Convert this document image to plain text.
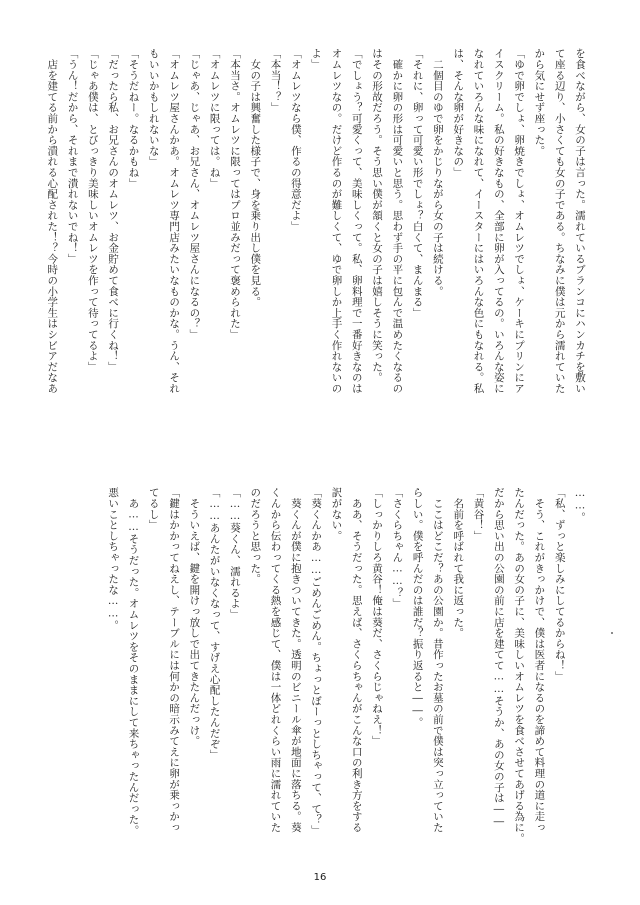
を食べながら、女の子は言った。濡れているブランコにハンカチを敷い

て座る辺り、小さくても女の子である。ちなみに僕は元から濡れていた

から気にせず座った。

「ゆで卵でしょ、卵焼きでしょ、オムレツでしょ、ケーキにプリンにア

イスクリーム。私の好きなもの、全部に卵が入ってるの。いろんな姿に

なれていろんな味になれて、イースターにはいろんな色にもなれる。私

は、そんな卵が好きなの」

　二個目のゆで卵をかじりながら女の子は続ける。

「それに、卵って可愛い形でしょ？白くて、まんまる」

　確かに卵の形は可愛いと思う。思わず手の平に包んで温めたくなるの

はその形故だろう。そう思い僕が頷くと女の子は嬉しそうに笑った。

「でしょう？可愛くって、美味しくって。私、卵料理で一番好きなのは

オムレツなの。だけど作るのが難しくて、ゆで卵しか上手く作れないの

よ」

「オムレツなら僕、作るの得意だよ」

「本当！？」

　女の子は興奮した様子で、身を乗り出し僕を見る。

「本当さ。オムレツに限ってはプロ並みだって褒められた」

「オムレツに限っては。ね」

「じゃあ、じゃあ、お兄さん、オムレツ屋さんになるの？」

「オムレツ屋さんかあ。オムレツ専門店みたいなものかな。うん、それ

もいいかもしれないな」

「そうだねー。なるかもね」

「だったら私、お兄さんのオムレツ、お金貯めて食べに行くね！」

「じゃあ僕は、とびっきり美味しいオムレツを作って待ってるよ」

「うん！だから、それまで潰れないでね！」

　店を建てる前から潰れる心配された！？今時の小学生はシビアだなあ

……。

「私、ずっと楽しみにしてるからね！」

　そう、これがきっかけで、僕は医者になるのを諦めて料理の道に走っ

たんだった。あの女の子に、美味しいオムレツを食べさせてあげる為に。

だから思い出の公園の前に店を建てて……そうか、あの女の子は――

「黄谷！」

　名前を呼ばれて我に返った。

　ここはどこだ？あの公園か。昔作ったお墓の前で僕は突っ立っていた

らしい。僕を呼んだのは誰だ？振り返ると――。

「さくらちゃん……？」

「しっかりしろ黄谷！俺は葵だ、さくらじゃねえ！」

　ああ、そうだった。思えば、さくらちゃんがこんな口の利き方をする

訳がない。

「葵くんかあ……ごめんごめん。ちょっとぼーっとしちゃって、て？」

　葵くんが僕に抱きついてきた。透明のビニール傘が地面に落ちる。葵

くんから伝わってくる熱を感じて、僕は一体どれくらい雨に濡れていた

のだろうと思った。

「……葵くん、濡れるよ」

「……あんたがいなくなって、すげえ心配したんだぞ」

　そういえば、鍵を開けっ放しで出てきたんだっけ。

「鍵はかかってねえし、テーブルには何かの暗示みてえに卵が乗っかっ

てるし」

　あ……そうだった。オムレツをそのままにして来ちゃったんだった。

悪いことしちゃったな……。

16
